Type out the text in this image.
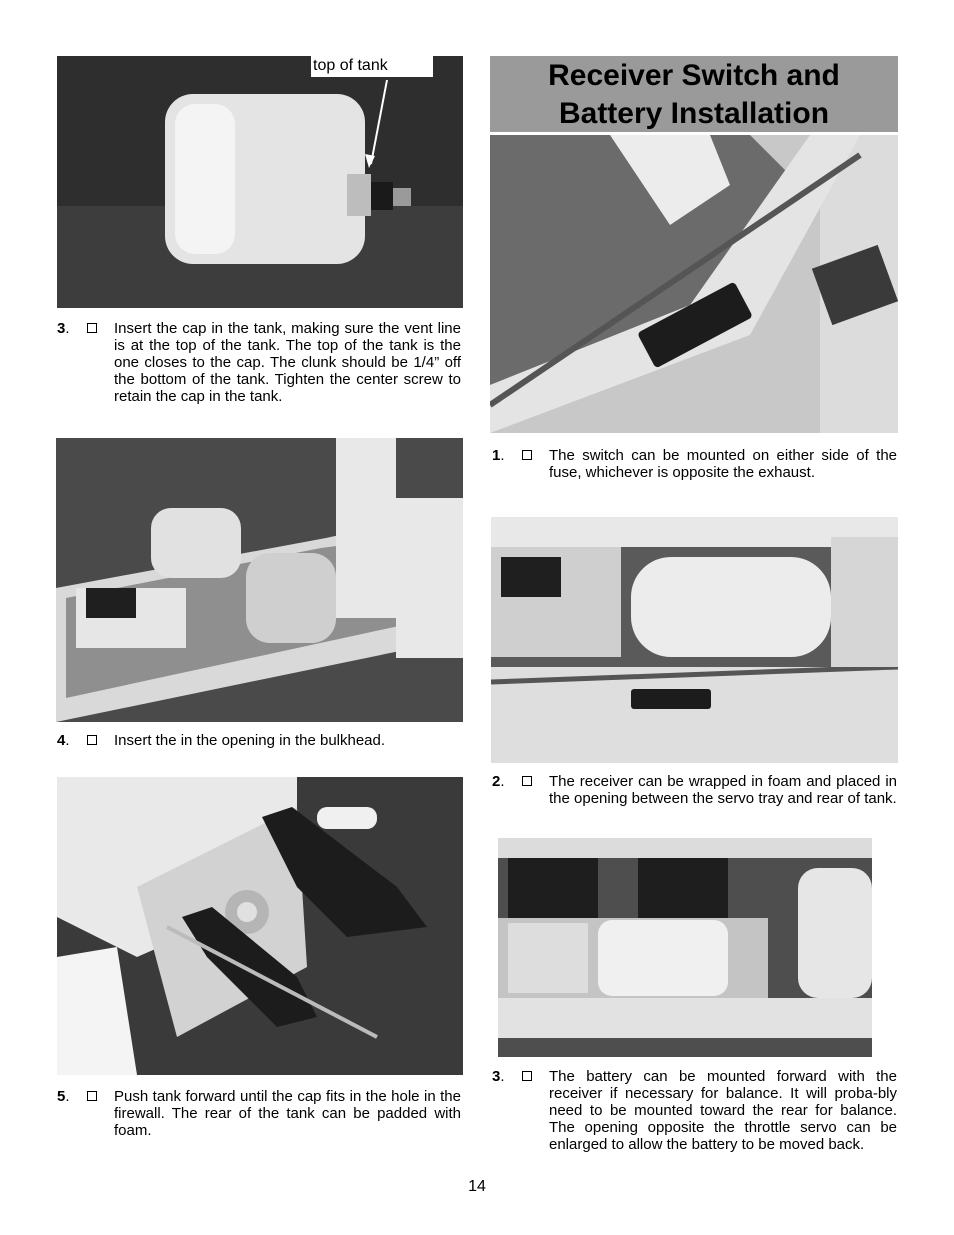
top of tank
3 .	Insert the cap in the tank, making sure the vent line is at the top of the tank. The top of the tank is the one closes to the cap. The clunk should be 1/4” off the bottom of the tank. Tighten the center screw to retain the cap in the tank.
4 .	Insert the in the opening in the bulkhead.
5 .	Push tank forward until the cap fits in the hole in the firewall. The rear of the tank can be padded with foam.
Receiver Switch and
Battery Installation
1 .	The switch can be mounted on either side of the fuse, whichever is opposite the exhaust.
2 .	The receiver can be wrapped in foam and placed in the opening between the servo tray and rear of tank.
3 .	The battery can be mounted forward with the receiver if necessary for balance. It will proba-bly need to be mounted toward the rear for balance. The opening opposite the throttle servo can be enlarged to allow the battery to be moved back.
14
